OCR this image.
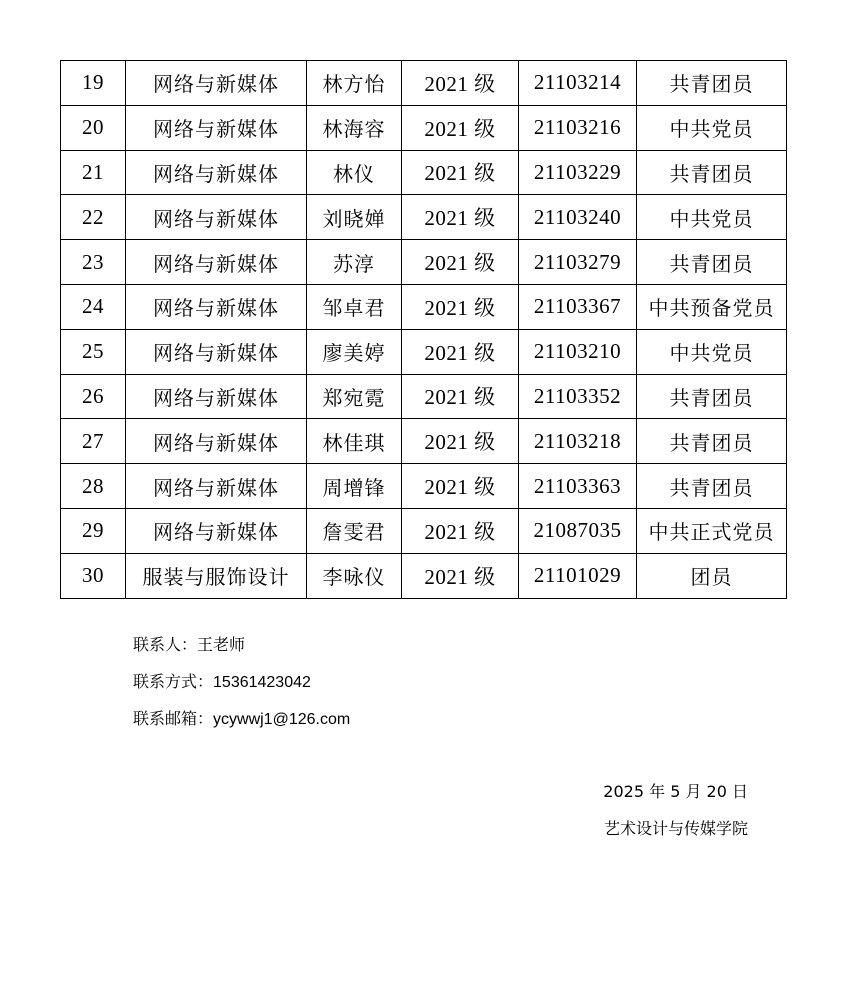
19	网络与新媒体	林方怡	2021 级	21103214	共青团员
20	网络与新媒体	林海容	2021 级	21103216	中共党员
21	网络与新媒体	林仪	2021 级	21103229	共青团员
22	网络与新媒体	刘晓婵	2021 级	21103240	中共党员
23	网络与新媒体	苏淳	2021 级	21103279	共青团员
24	网络与新媒体	邹卓君	2021 级	21103367	中共预备党员
25	网络与新媒体	廖美婷	2021 级	21103210	中共党员
26	网络与新媒体	郑宛霓	2021 级	21103352	共青团员
27	网络与新媒体	林佳琪	2021 级	21103218	共青团员
28	网络与新媒体	周增锋	2021 级	21103363	共青团员
29	网络与新媒体	詹雯君	2021 级	21087035	中共正式党员
30	服装与服饰设计	李咏仪	2021 级	21101029	团员
联系人：王老师
联系方式：15361423042
联系邮箱：ycywwj1@126.com
2025 年 5 月 20 日
艺术设计与传媒学院
